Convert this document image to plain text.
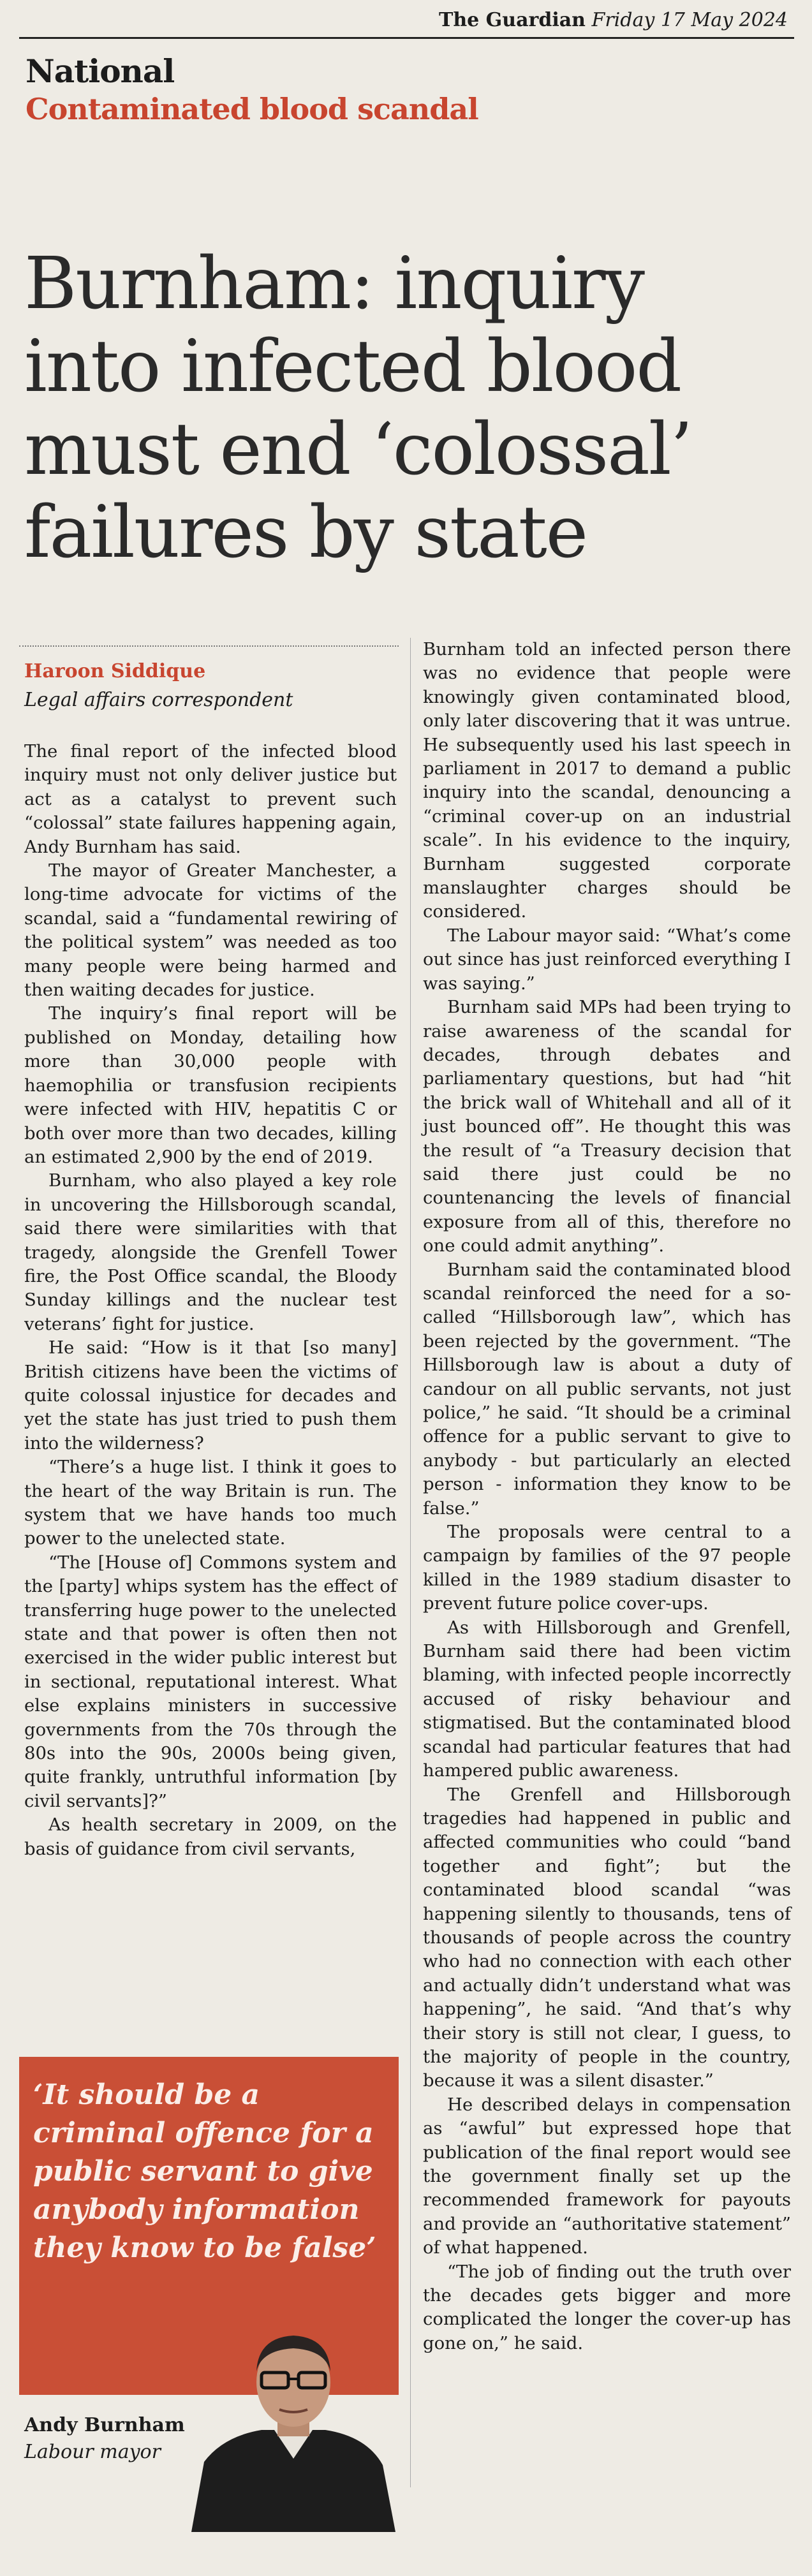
The Guardian Friday 17 May 2024
National
Contaminated blood scandal
Burnham: inquiry
into infected blood
must end ‘colossal’
failures by state
Haroon Siddique
Legal affairs correspondent

The final report of the infected blood inquiry must not only deliver justice but act as a catalyst to prevent such “colossal” state failures happening again, Andy Burnham has said.

The mayor of Greater Manchester, a long-time advocate for victims of the scandal, said a “fundamental rewiring of the political system” was needed as too many people were being harmed and then waiting decades for justice.

The inquiry’s final report will be published on Monday, detailing how more than 30,000 people with haemophilia or transfusion recipients were infected with HIV, hepatitis C or both over more than two decades, killing an estimated 2,900 by the end of 2019.

Burnham, who also played a key role in uncovering the Hillsborough scandal, said there were similarities with that tragedy, alongside the Grenfell Tower fire, the Post Office scandal, the Bloody Sunday killings and the nuclear test veterans’ fight for justice.

He said: “How is it that [so many] British citizens have been the victims of quite colossal injustice for decades and yet the state has just tried to push them into the wilderness?

“There’s a huge list. I think it goes to the heart of the way Britain is run. The system that we have hands too much power to the unelected state.

“The [House of] Commons system and the [party] whips system has the effect of transferring huge power to the unelected state and that power is often then not exercised in the wider public interest but in sectional, reputational interest. What else explains ministers in successive governments from the 70s through the 80s into the 90s, 2000s being given, quite frankly, untruthful information [by civil servants]?”

As health secretary in 2009, on the basis of guidance from civil servants,

Burnham told an infected person there was no evidence that people were knowingly given contaminated blood, only later discovering that it was untrue. He subsequently used his last speech in parliament in 2017 to demand a public inquiry into the scandal, denouncing a “criminal cover-up on an industrial scale”. In his evidence to the inquiry, Burnham suggested corporate manslaughter charges should be considered.

The Labour mayor said: “What’s come out since has just reinforced everything I was saying.”

Burnham said MPs had been trying to raise awareness of the scandal for decades, through debates and parliamentary questions, but had “hit the brick wall of Whitehall and all of it just bounced off”. He thought this was the result of “a Treasury decision that said there just could be no countenancing the levels of financial exposure from all of this, therefore no one could admit anything”.

Burnham said the contaminated blood scandal reinforced the need for a so-called “Hillsborough law”, which has been rejected by the government. “The Hillsborough law is about a duty of candour on all public servants, not just police,” he said. “It should be a criminal offence for a public servant to give to anybody - but particularly an elected person - information they know to be false.”

The proposals were central to a campaign by families of the 97 people killed in the 1989 stadium disaster to prevent future police cover-ups.

As with Hillsborough and Grenfell, Burnham said there had been victim blaming, with infected people incorrectly accused of risky behaviour and stigmatised. But the contaminated blood scandal had particular features that had hampered public awareness.

The Grenfell and Hillsborough tragedies had happened in public and affected communities who could “band together and fight”; but the contaminated blood scandal “was happening silently to thousands, tens of thousands of people across the country who had no connection with each other and actually didn’t understand what was happening”, he said. “And that’s why their story is still not clear, I guess, to the majority of people in the country, because it was a silent disaster.”

He described delays in compensation as “awful” but expressed hope that publication of the final report would see the government finally set up the recommended framework for payouts and provide an “authoritative statement” of what happened.

“The job of finding out the truth over the decades gets bigger and more complicated the longer the cover-up has gone on,” he said.

‘It should be a
criminal offence for a
public servant to give
anybody information
they know to be false’
Andy Burnham
Labour mayor
